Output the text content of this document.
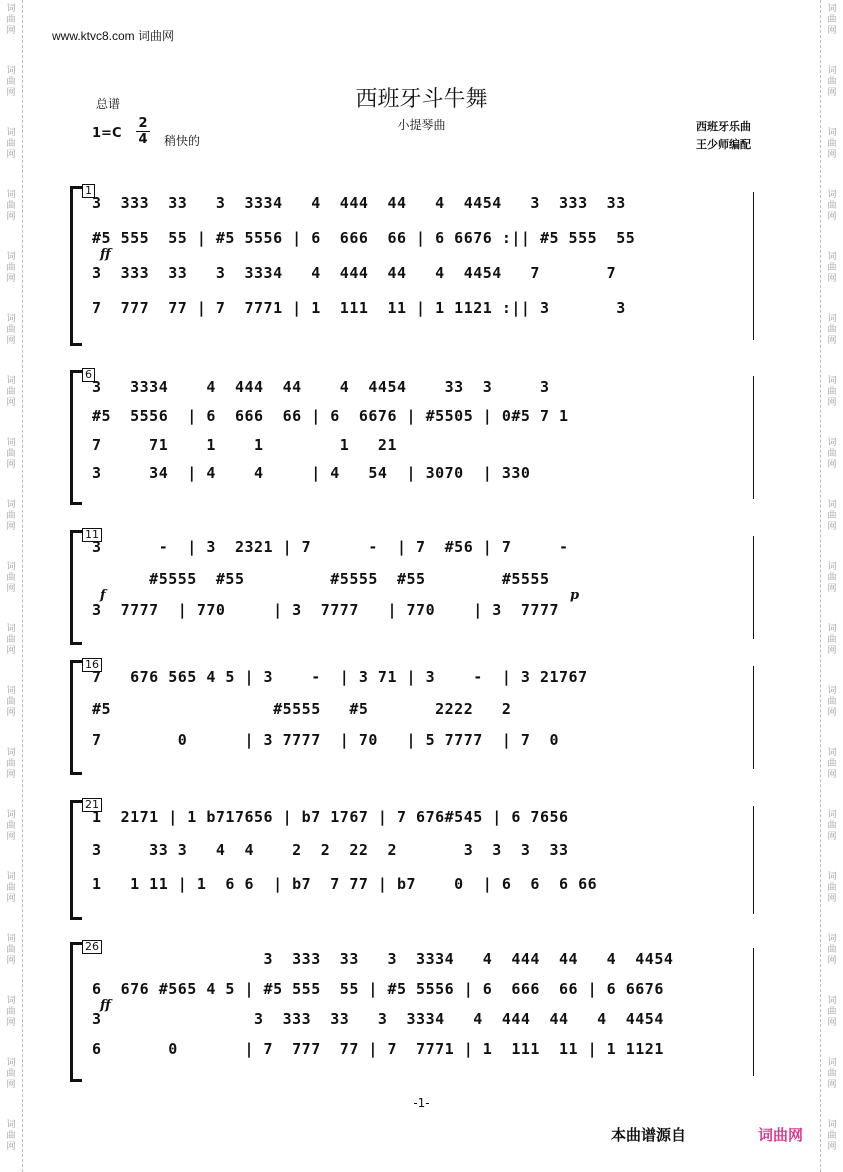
词
曲
网
词
曲
网
词
曲
网
词
曲
网
词
曲
网
词
曲
网
词
曲
网
词
曲
网
词
曲
网
词
曲
网
词
曲
网
词
曲
网
词
曲
网
词
曲
网
词
曲
网
词
曲
网
词
曲
网
词
曲
网
词
曲
网
词
曲
网
词
曲
网
词
曲
网
词
曲
网
词
曲
网
词
曲
网
词
曲
网
词
曲
网
词
曲
网
词
曲
网
词
曲
网
词
曲
网
词
曲
网
词
曲
网
词
曲
网
词
曲
网
词
曲
网
词
曲
网
词
曲
网
www.ktvc8.com 词曲网
西班牙斗牛舞
小提琴曲
总谱
1=C
2
4 稍快的
西班牙乐曲
王少师编配
1
3  333  33   3  3334   4  444  44   4  4454   3  333  33
#5 555  55 | #5 5556 | 6  666  66 | 6 6676 :|| #5 555  55
3  333  33   3  3334   4  444  44   4  4454   7       7
7  777  77 | 7  7771 | 1  111  11 | 1 1121 :|| 3       3
ff
6
3   3334    4  444  44    4  4454    33  3     3
#5  5556  | 6  666  66 | 6  6676 | #5505 | 0#5 7 1
7     71    1    1        1   21
3     34  | 4    4     | 4   54  | 3070  | 330
11
3      -  | 3  2321 | 7      -  | 7  #56 | 7     -
#5555  #55         #5555  #55        #5555
3  7777  | 770     | 3  7777   | 770    | 3  7777
f	p
16
7   676 565 4 5 | 3    -  | 3 71 | 3    -  | 3 21767
#5                 #5555   #5       2222   2
7        0      | 3 7777  | 70   | 5 7777  | 7  0
21
1  2171 | 1 b717656 | b7 1767 | 7 676#545 | 6 7656
3     33 3   4  4    2  2  22  2       3  3  3  33
1   1 11 | 1  6 6  | b7  7 77 | b7    0  | 6  6  6 66
26
3  333  33   3  3334   4  444  44   4  4454
6  676 #565 4 5 | #5 555  55 | #5 5556 | 6  666  66 | 6 6676
3                3  333  33   3  3334   4  444  44   4  4454
6       0       | 7  777  77 | 7  7771 | 1  111  11 | 1 1121
ff
-1-
本曲谱源自	词曲网
